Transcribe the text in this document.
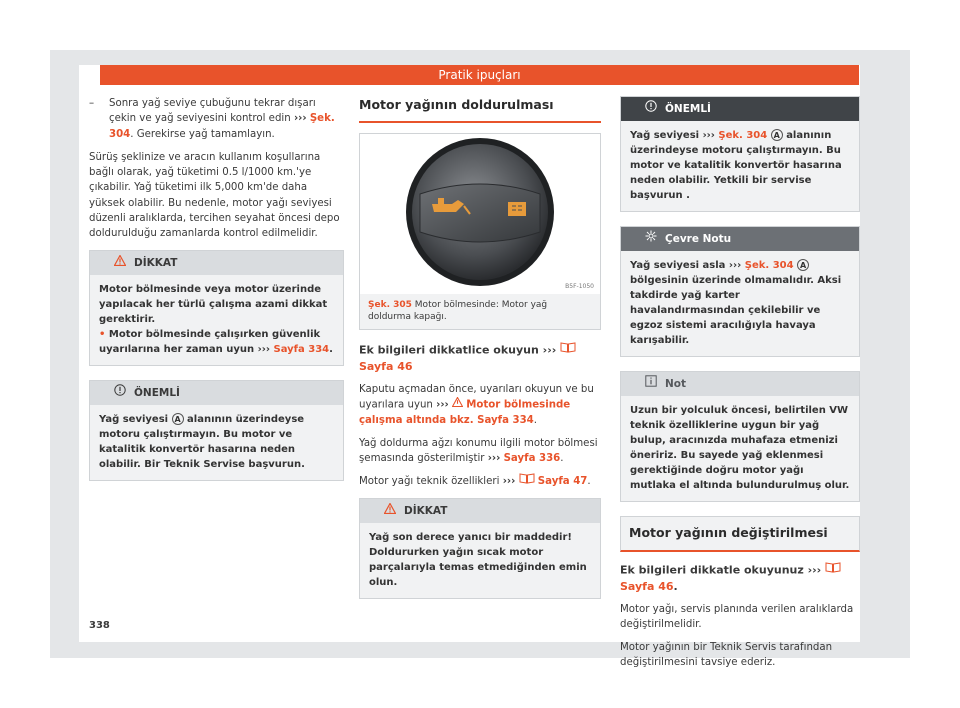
Pratik ipuçları
–	Sonra yağ seviye çubuğunu tekrar dışarı çekin ve yağ seviyesini kontrol edin ››› Şek. 304. Gerekirse yağ tamamlayın.

Sürüş şeklinize ve aracın kullanım koşullarına bağlı olarak, yağ tüketimi 0.5 l/1000 km.'ye çıkabilir. Yağ tüketimi ilk 5,000 km'de daha yüksek olabilir. Bu nedenle, motor yağı seviyesi düzenli aralıklarda, tercihen seyahat öncesi depo doldurulduğu zamanlarda kontrol edilmelidir.

DİKKAT
Motor bölmesinde veya motor üzerinde yapılacak her türlü çalışma azami dikkat gerektirir.
• Motor bölmesinde çalışırken güvenlik uyarılarına her zaman uyun ››› Sayfa 334.
ÖNEMLİ
Yağ seviyesi A alanının üzerindeyse motoru çalıştırmayın. Bu motor ve katalitik konvertör hasarına neden olabilir. Bir Teknik Servise başvurun.
Motor yağının doldurulması
B5F-1050
Şek. 305 Motor bölmesinde: Motor yağ doldurma kapağı.

Ek bilgileri dikkatlice okuyun ›››  Sayfa 46

Kaputu açmadan önce, uyarıları okuyun ve bu uyarılara uyun ››› Motor bölmesinde çalışma altında bkz. Sayfa 334.

Yağ doldurma ağzı konumu ilgili motor bölmesi şemasında gösterilmiştir ››› Sayfa 336.

Motor yağı teknik özellikleri ››› Sayfa 47.

DİKKAT
Yağ son derece yanıcı bir maddedir! Doldururken yağın sıcak motor parçalarıyla temas etmediğinden emin olun.
ÖNEMLİ
Yağ seviyesi ››› Şek. 304 A alanının üzerindeyse motoru çalıştırmayın. Bu motor ve katalitik konvertör hasarına neden olabilir. Yetkili bir servise başvurun .
Çevre Notu
Yağ seviyesi asla ››› Şek. 304 A bölgesinin üzerinde olmamalıdır. Aksi takdirde yağ karter havalandırmasından çekilebilir ve egzoz sistemi aracılığıyla havaya karışabilir.
Not
Uzun bir yolculuk öncesi, belirtilen VW teknik özelliklerine uygun bir yağ bulup, aracınızda muhafaza etmenizi öneririz. Bu sayede yağ eklenmesi gerektiğinde doğru motor yağı mutlaka el altında bulundurulmuş olur.
Motor yağının değiştirilmesi

Ek bilgileri dikkatle okuyunuz ›››  Sayfa 46.

Motor yağı, servis planında verilen aralıklarda değiştirilmelidir.

Motor yağının bir Teknik Servis tarafından değiştirilmesini tavsiye ederiz.

338
